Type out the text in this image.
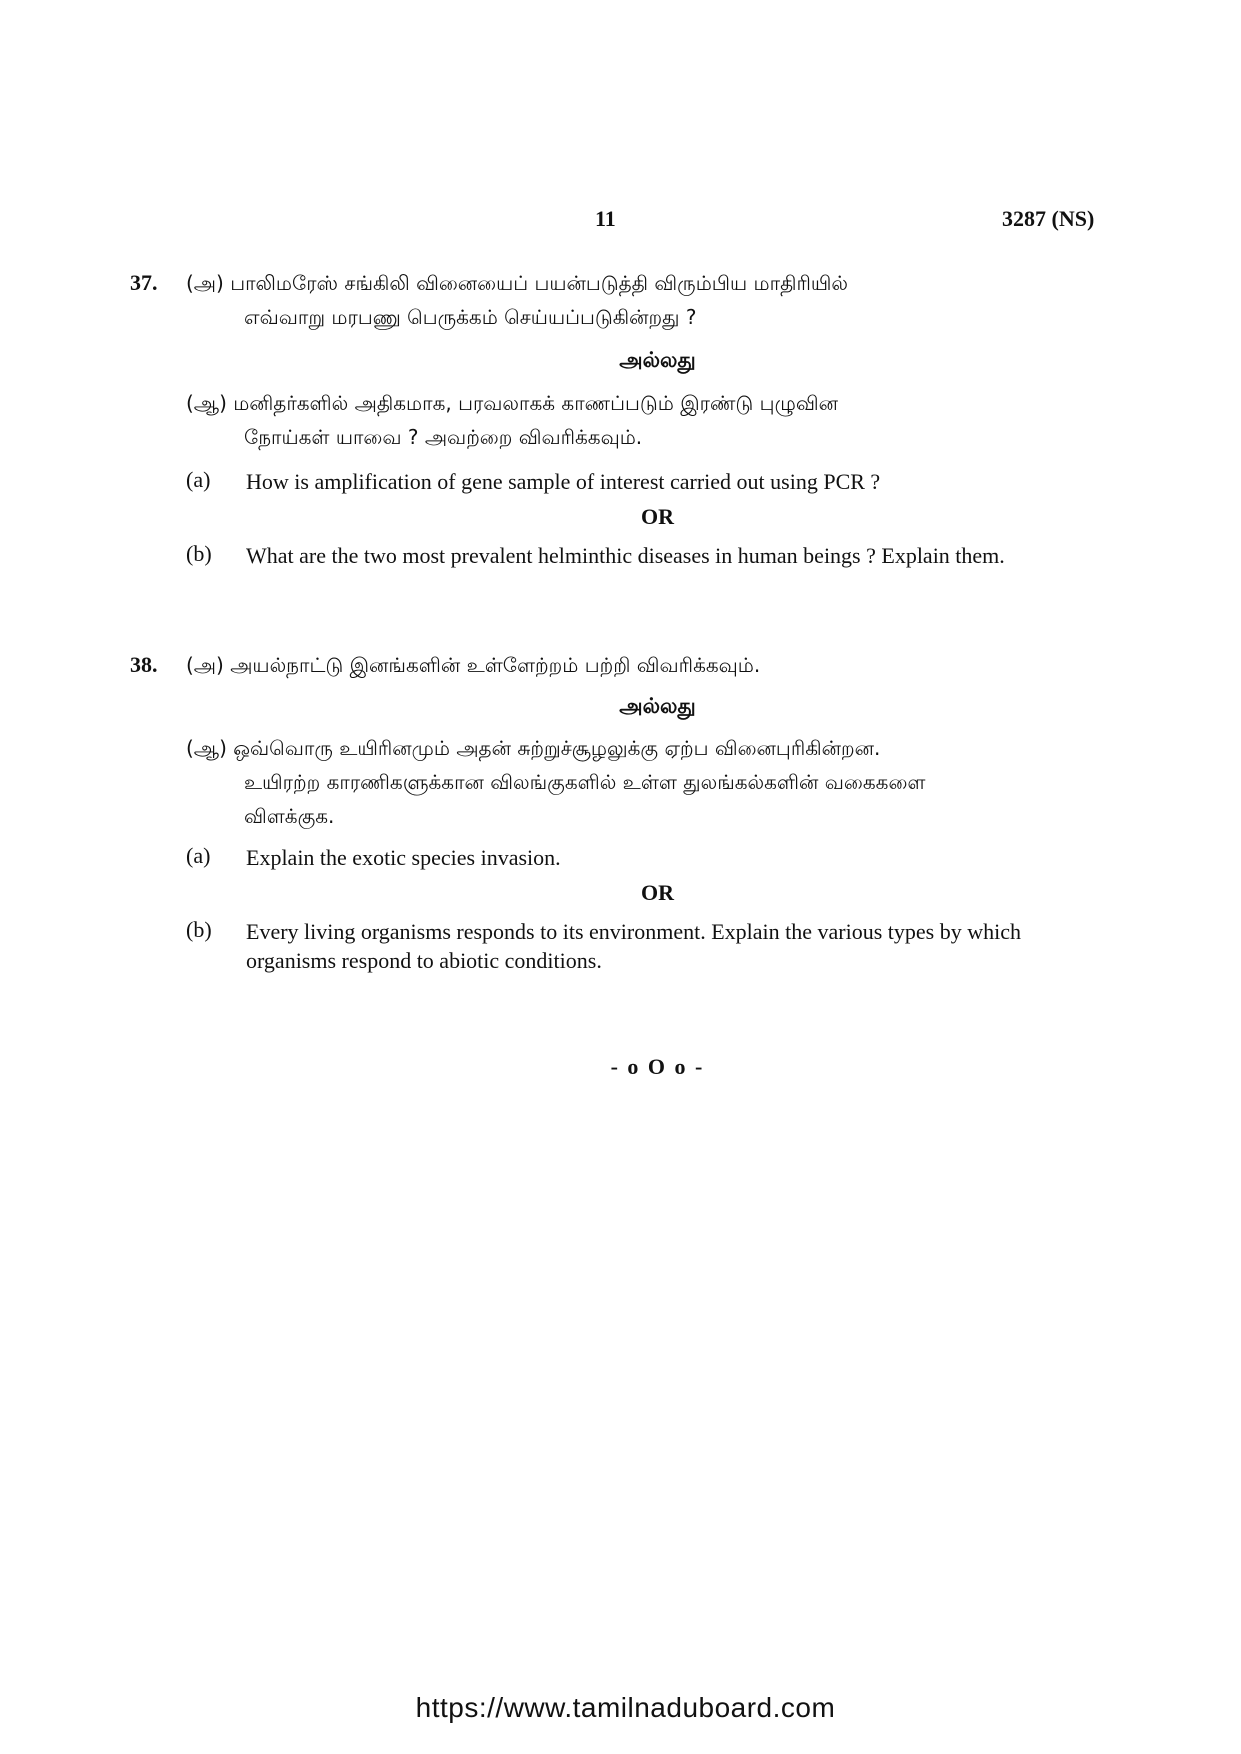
11	3287 (NS)
37. (அ) பாலிமரேஸ் சங்கிலி வினையைப் பயன்படுத்தி விரும்பிய மாதிரியில்
எவ்வாறு மரபணு பெருக்கம் செய்யப்படுகின்றது ?
அல்லது
(ஆ) மனிதர்களில் அதிகமாக, பரவலாகக் காணப்படும் இரண்டு புழுவின
நோய்கள் யாவை ? அவற்றை விவரிக்கவும்.
(a) How is amplification of gene sample of interest carried out using PCR ?
OR
(b) What are the two most prevalent helminthic diseases in human beings ? Explain them.
38. (அ) அயல்நாட்டு இனங்களின் உள்ளேற்றம் பற்றி விவரிக்கவும்.
அல்லது
(ஆ) ஒவ்வொரு உயிரினமும் அதன் சுற்றுச்சூழலுக்கு ஏற்ப வினைபுரிகின்றன.
உயிரற்ற காரணிகளுக்கான விலங்குகளில் உள்ள துலங்கல்களின் வகைகளை
விளக்குக.
(a) Explain the exotic species invasion.
OR
(b) Every living organisms responds to its environment. Explain the various types by which organisms respond to abiotic conditions.
- o O o -
https://www.tamilnaduboard.com
